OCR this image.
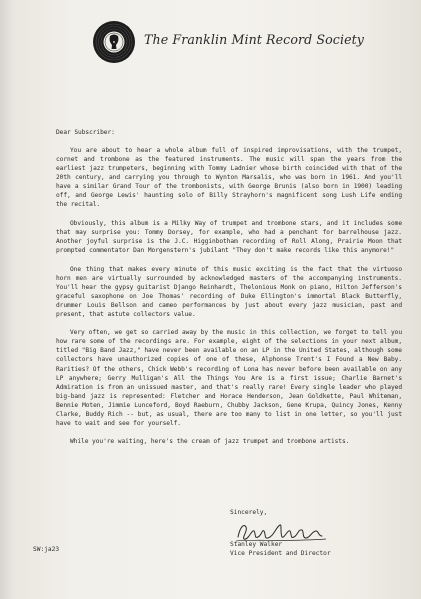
The Franklin Mint Record Society
Dear Subscriber:
You are about to hear a whole album full of inspired improvisations, with the trumpet, cornet and trombone as the featured instruments. The music will span the years from the earliest jazz trumpeters, beginning with Tommy Ladnier whose birth coincided with that of the 20th century, and carrying you through to Wynton Marsalis, who was born in 1961. And you'll have a similar Grand Tour of the trombonists, with George Brunis (also born in 1900) leading off, and George Lewis' haunting solo of Billy Strayhorn's magnificent song Lush Life ending the recital.
Obviously, this album is a Milky Way of trumpet and trombone stars, and it includes some that may surprise you: Tommy Dorsey, for example, who had a penchant for barrelhouse jazz. Another joyful surprise is the J.C. Higginbotham recording of Roll Along, Prairie Moon that prompted commentator Dan Morgenstern's jubilant "They don't make records like this anymore!"
One thing that makes every minute of this music exciting is the fact that the virtuoso horn men are virtually surrounded by acknowledged masters of the accompanying instruments. You'll hear the gypsy guitarist Django Reinhardt, Thelonious Monk on piano, Hilton Jefferson's graceful saxophone on Joe Thomas' recording of Duke Ellington's immortal Black Butterfly, drummer Louis Bellson and cameo performances by just about every jazz musician, past and present, that astute collectors value.
Very often, we get so carried away by the music in this collection, we forget to tell you how rare some of the recordings are. For example, eight of the selections in your next album, titled "Big Band Jazz," have never been available on an LP in the United States, although some collectors have unauthorized copies of one of these, Alphonse Trent's I Found a New Baby. Rarities? Of the others, Chick Webb's recording of Lona has never before been available on any LP anywhere; Gerry Mulligan's All the Things You Are is a first issue; Charlie Barnet's Admiration is from an unissued master, and that's really rare! Every single leader who played big-band jazz is represented: Fletcher and Horace Henderson, Jean Goldkette, Paul Whiteman, Bennie Moten, Jimmie Lunceford, Boyd Raeburn, Chubby Jackson, Gene Krupa, Quincy Jones, Kenny Clarke, Buddy Rich -- but, as usual, there are too many to list in one letter, so you'll just have to wait and see for yourself.
While you're waiting, here's the cream of jazz trumpet and trombone artists.
Sincerely,
Stanley Walker
Vice President and Director
SW:ja23
